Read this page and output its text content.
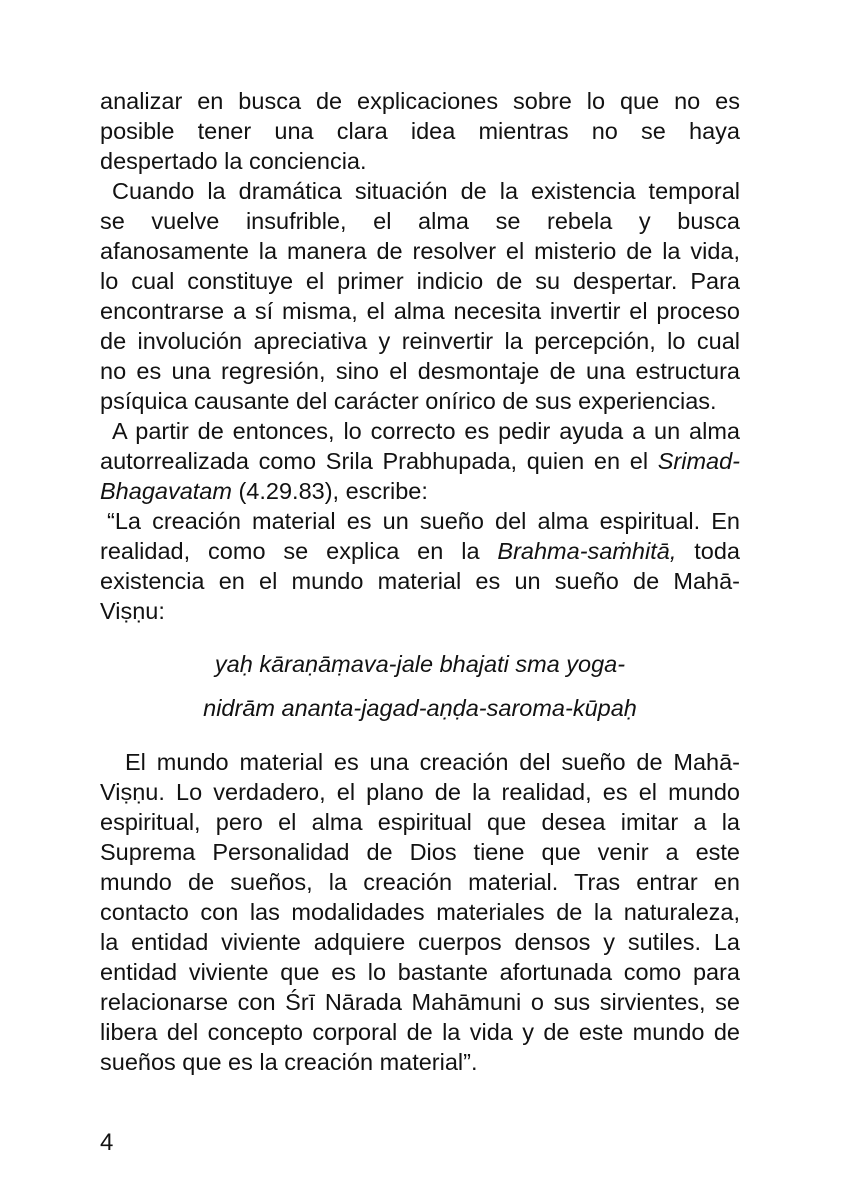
analizar en busca de explicaciones sobre lo que no es
posible tener una clara idea mientras no se haya
despertado la conciencia.
Cuando la dramática situación de la existencia temporal
se vuelve insufrible, el alma se rebela y busca
afanosamente la manera de resolver el misterio de la vida,
lo cual constituye el primer indicio de su despertar. Para
encontrarse a sí misma, el alma necesita invertir el proceso
de involución apreciativa y reinvertir la percepción, lo cual
no es una regresión, sino el desmontaje de una estructura
psíquica causante del carácter onírico de sus experiencias.
A partir de entonces, lo correcto es pedir ayuda a un alma
autorrealizada como Srila Prabhupada, quien en el Srimad-
Bhagavatam (4.29.83), escribe:
“La creación material es un sueño del alma espiritual. En
realidad, como se explica en la Brahma-saṁhitā, toda
existencia en el mundo material es un sueño de Mahā-
Viṣṇu:
yaḥ kāraṇāṃava-jale bhajati sma yoga-
nidrām ananta-jagad-aṇḍa-saroma-kūpaḥ
El mundo material es una creación del sueño de Mahā-
Viṣṇu. Lo verdadero, el plano de la realidad, es el mundo
espiritual, pero el alma espiritual que desea imitar a la
Suprema Personalidad de Dios tiene que venir a este
mundo de sueños, la creación material. Tras entrar en
contacto con las modalidades materiales de la naturaleza,
la entidad viviente adquiere cuerpos densos y sutiles. La
entidad viviente que es lo bastante afortunada como para
relacionarse con Śrī Nārada Mahāmuni o sus sirvientes, se
libera del concepto corporal de la vida y de este mundo de
sueños que es la creación material”.
4
